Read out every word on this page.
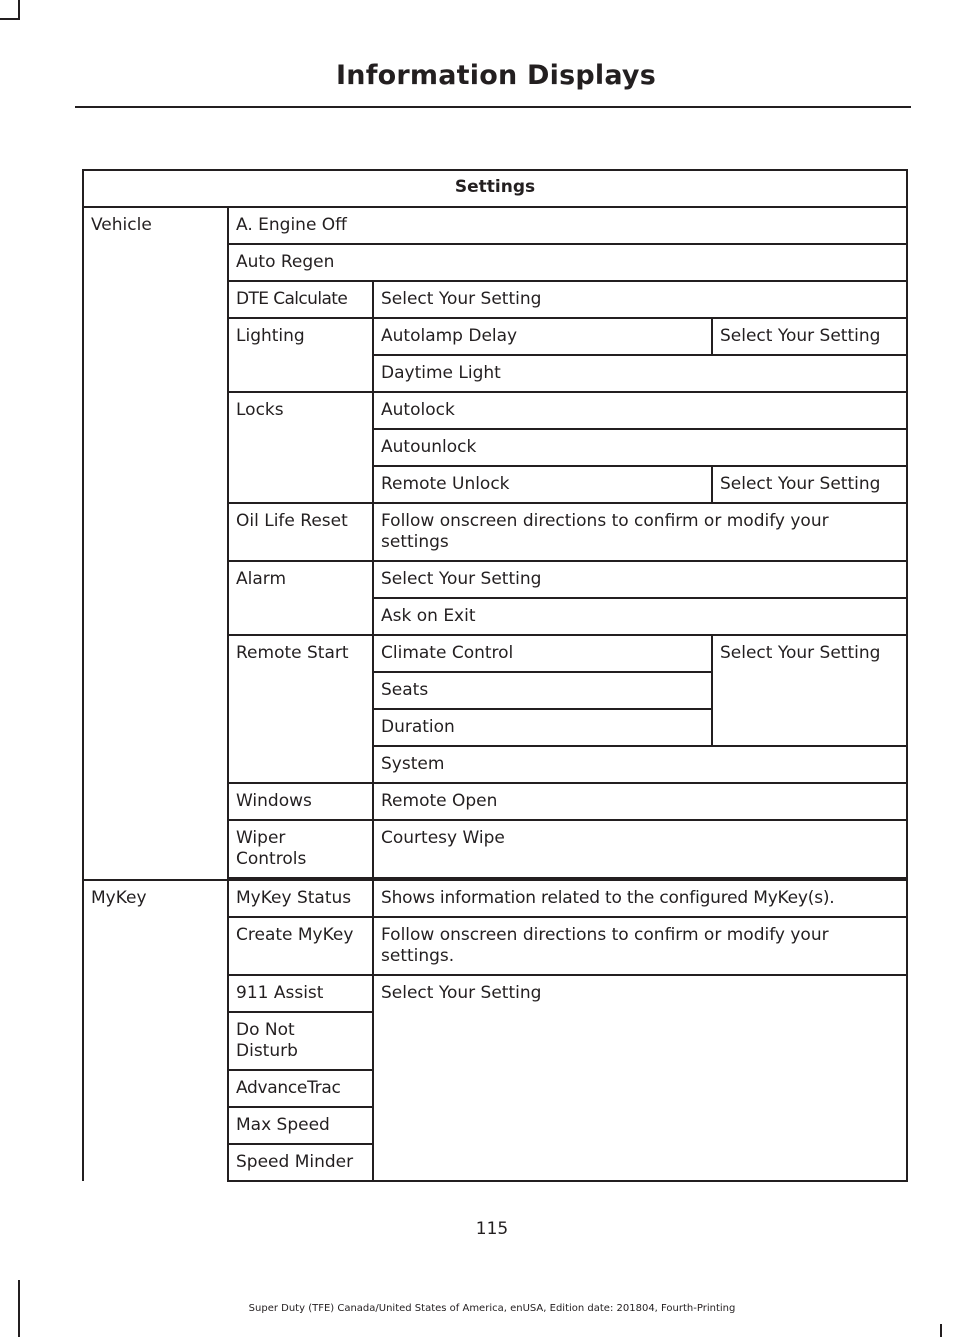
Information Displays
Settings			
Vehicle	A. Engine Off		
	Auto Regen		
	DTE Calculate	Select Your Setting	
	Lighting	Autolamp Delay	Select Your Setting
		Daytime Light	
	Locks	Autolock	
		Autounlock	
		Remote Unlock	Select Your Setting
	Oil Life Reset	Follow onscreen directions to confirm or modify your settings	
	Alarm	Select Your Setting	
		Ask on Exit	
	Remote Start	Climate Control	Select Your Setting
		Seats	
		Duration	
		System	
	Windows	Remote Open	
	Wiper Controls	Courtesy Wipe	

MyKey	MyKey Status	Shows information related to the configured MyKey(s).	
	Create MyKey	Follow onscreen directions to confirm or modify your settings.	
	911 Assist	Select Your Setting	
	Do Not Disturb		
	AdvanceTrac		
	Max Speed		
	Speed Minder		
115
Super Duty (TFE) Canada/United States of America, enUSA, Edition date: 201804, Fourth-Printing
